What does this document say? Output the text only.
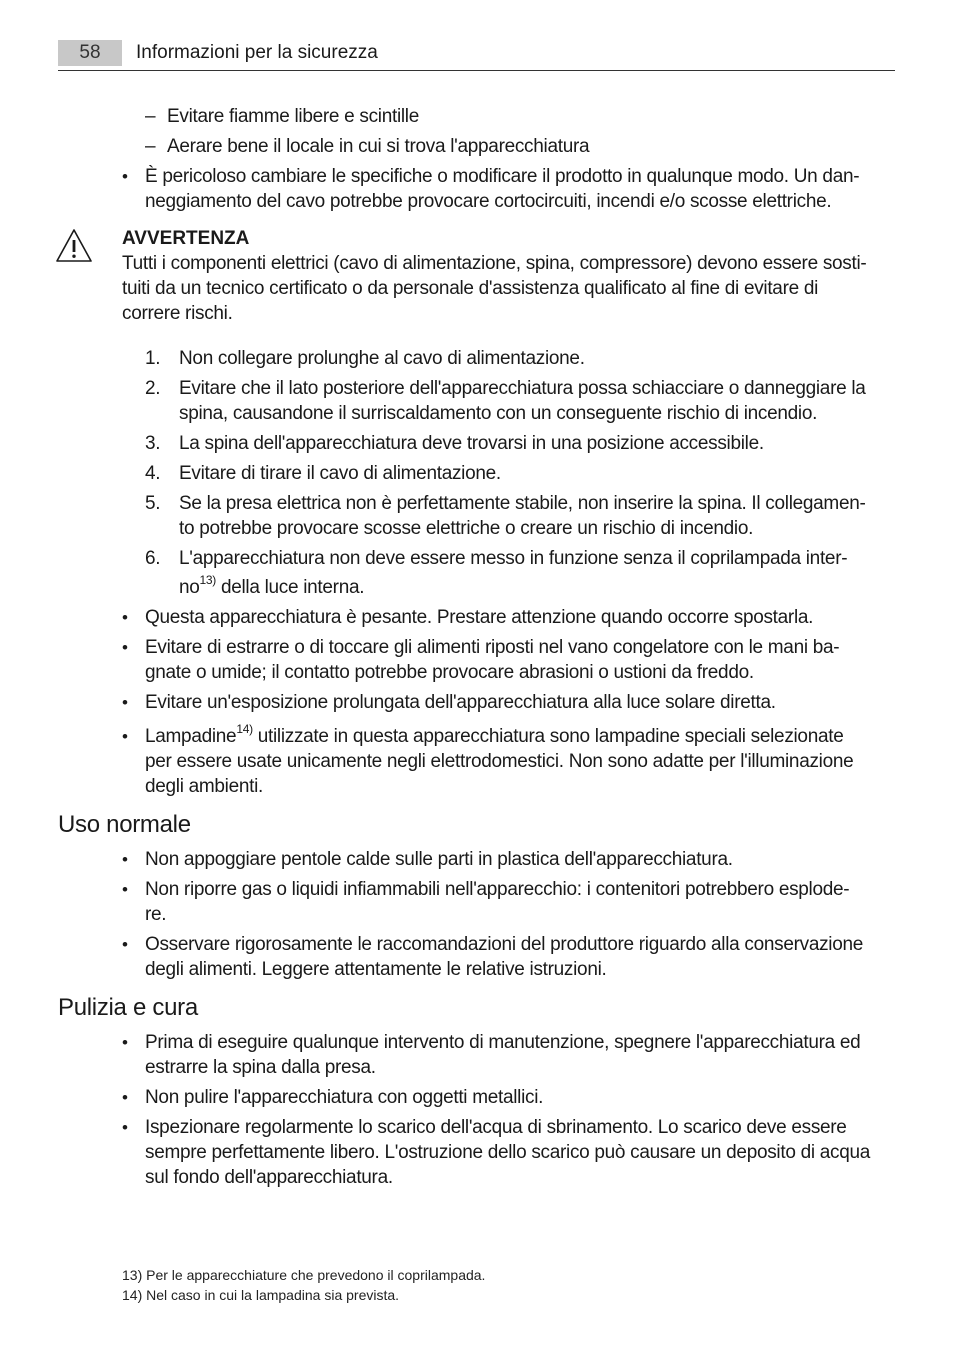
58	Informazioni per la sicurezza
– Evitare fiamme libere e scintille
– Aerare bene il locale in cui si trova l'apparecchiatura
• È pericoloso cambiare le specifiche o modificare il prodotto in qualunque modo. Un dan-
neggiamento del cavo potrebbe provocare cortocircuiti, incendi e/o scosse elettriche.
AVVERTENZA
Tutti i componenti elettrici (cavo di alimentazione, spina, compressore) devono essere sosti-
tuiti da un tecnico certificato o da personale d'assistenza qualificato al fine di evitare di
correre rischi.
1. Non collegare prolunghe al cavo di alimentazione.
2. Evitare che il lato posteriore dell'apparecchiatura possa schiacciare o danneggiare la
spina, causandone il surriscaldamento con un conseguente rischio di incendio.
3. La spina dell'apparecchiatura deve trovarsi in una posizione accessibile.
4. Evitare di tirare il cavo di alimentazione.
5. Se la presa elettrica non è perfettamente stabile, non inserire la spina. Il collegamen-
to potrebbe provocare scosse elettriche o creare un rischio di incendio.
6. L'apparecchiatura non deve essere messo in funzione senza il coprilampada inter-
$no^{13)}$ della luce interna.
• Questa apparecchiatura è pesante. Prestare attenzione quando occorre spostarla.
• Evitare di estrarre o di toccare gli alimenti riposti nel vano congelatore con le mani ba-
gnate o umide; il contatto potrebbe provocare abrasioni o ustioni da freddo.
• Evitare un'esposizione prolungata dell'apparecchiatura alla luce solare diretta.
• Lampadine$^{14)}$ utilizzate in questa apparecchiatura sono lampadine speciali selezionate
per essere usate unicamente negli elettrodomestici. Non sono adatte per l'illuminazione
degli ambienti.
Uso normale
• Non appoggiare pentole calde sulle parti in plastica dell'apparecchiatura.
• Non riporre gas o liquidi infiammabili nell'apparecchio: i contenitori potrebbero esplode-
re.
• Osservare rigorosamente le raccomandazioni del produttore riguardo alla conservazione
degli alimenti. Leggere attentamente le relative istruzioni.
Pulizia e cura
• Prima di eseguire qualunque intervento di manutenzione, spegnere l'apparecchiatura ed
estrarre la spina dalla presa.
• Non pulire l'apparecchiatura con oggetti metallici.
• Ispezionare regolarmente lo scarico dell'acqua di sbrinamento. Lo scarico deve essere
sempre perfettamente libero. L'ostruzione dello scarico può causare un deposito di acqua
sul fondo dell'apparecchiatura.
13) Per le apparecchiature che prevedono il coprilampada.
14) Nel caso in cui la lampadina sia prevista.
